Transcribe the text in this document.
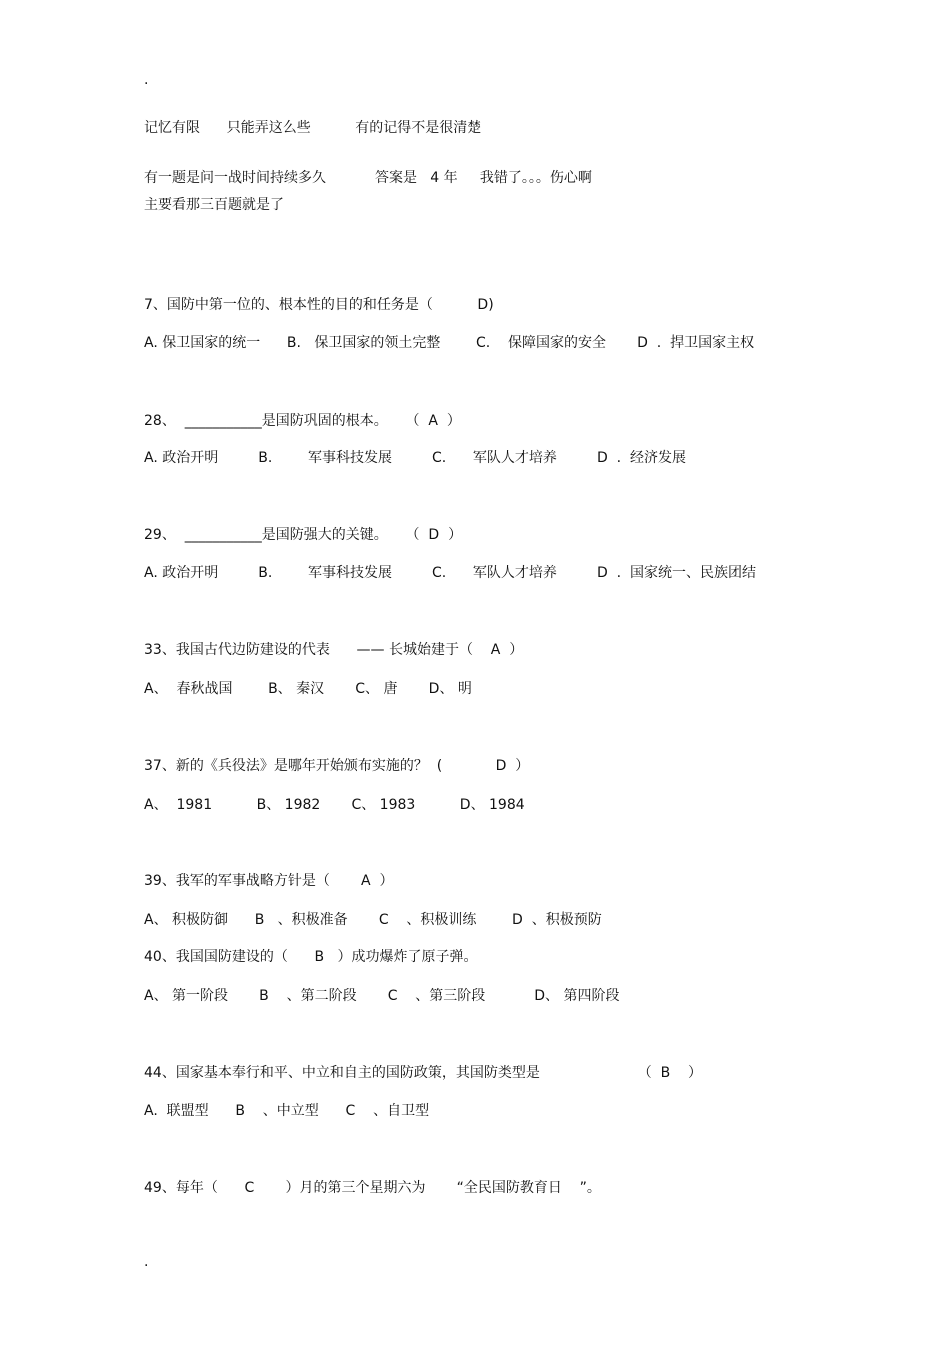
.
记忆有限      只能弄这么些          有的记得不是很清楚
有一题是问一战时间持续多久           答案是   4 年     我错了。。。伤心啊
主要看那三百题就是了
7、国防中第一位的、根本性的目的和任务是（          D)
A. 保卫国家的统一      B.   保卫国家的领土完整        C.    保障国家的安全       D  .  捍卫国家主权
28、  ___________是国防巩固的根本。    （  A  ）
A. 政治开明         B.        军事科技发展         C.      军队人才培养         D  .  经济发展
29、  ___________是国防强大的关键。    （  D  ）
A. 政治开明         B.        军事科技发展         C.      军队人才培养         D  .  国家统一、民族团结
33、我国古代边防建设的代表      —— 长城始建于（    A  ）
A、  春秋战国        B、 秦汉       C、 唐       D、 明
37、新的《兵役法》是哪年开始颁布实施的？  (            D  ）
A、  1981          B、 1982       C、 1983          D、 1984
39、我军的军事战略方针是（       A  ）
A、 积极防御      B   、积极准备       C    、积极训练        D  、积极预防
40、我国国防建设的（      B   ）成功爆炸了原子弹。
A、 第一阶段       B    、第二阶段       C    、第三阶段           D、 第四阶段
44、国家基本奉行和平、中立和自主的国防政策，其国防类型是                      （  B    ）
A.  联盟型      B    、中立型      C    、自卫型
49、每年（      C       ）月的第三个星期六为       “全民国防教育日    ”。
.
